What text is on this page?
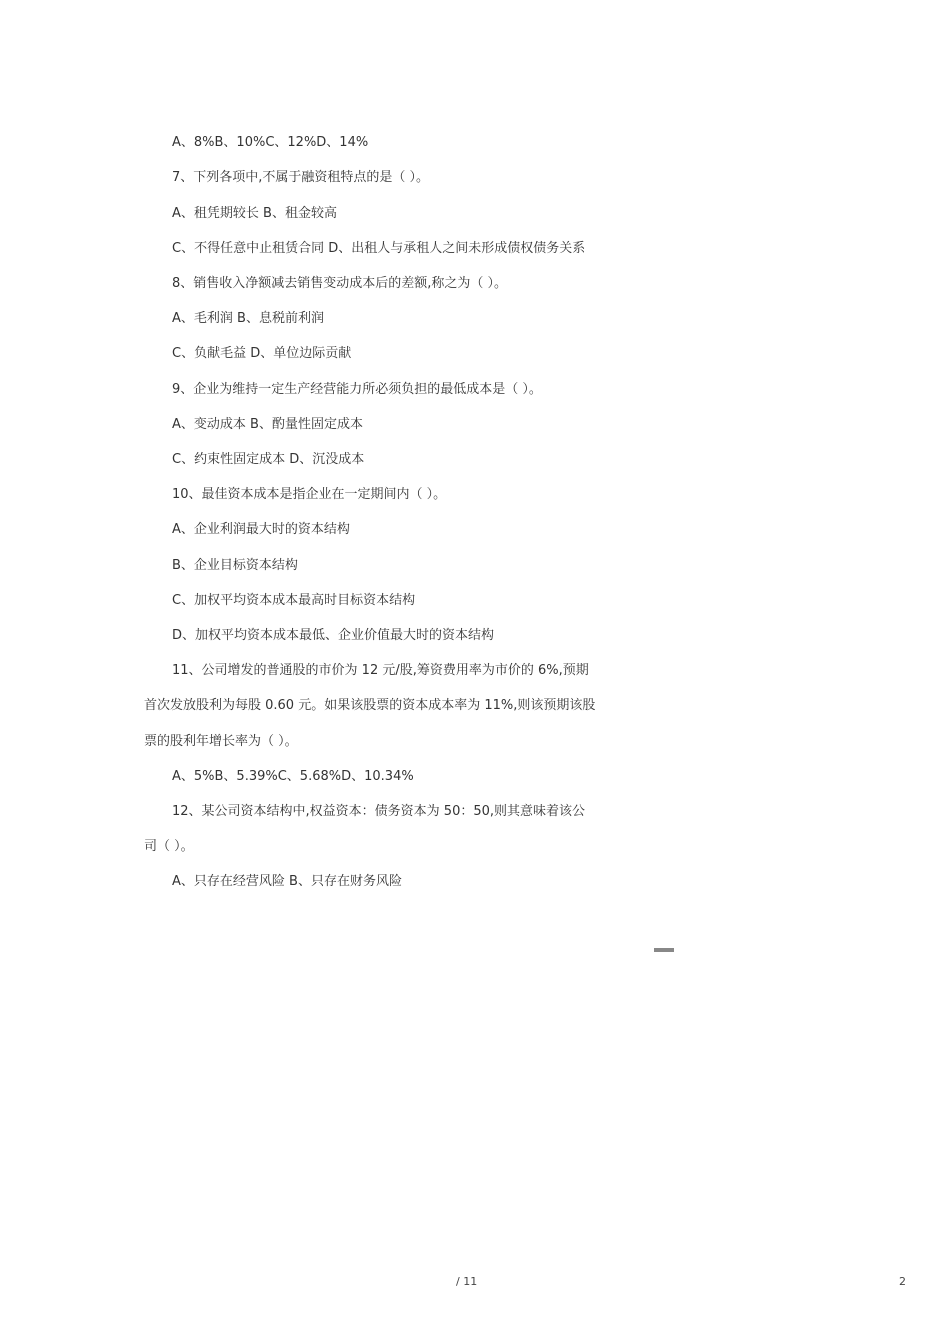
A、8%B、10%C、12%D、14%
7、下列各项中,不属于融资租特点的是（ ）。
A、租凭期较长 B、租金较高
C、不得任意中止租赁合同 D、出租人与承租人之间未形成债权债务关系
8、销售收入净额减去销售变动成本后的差额,称之为（ ）。
A、毛利润 B、息税前利润
C、负献毛益 D、单位边际贡献
9、企业为维持一定生产经营能力所必须负担的最低成本是（ ）。
A、变动成本 B、酌量性固定成本
C、约束性固定成本 D、沉没成本
10、最佳资本成本是指企业在一定期间内（ ）。
A、企业利润最大时的资本结构
B、企业目标资本结构
C、加权平均资本成本最高时目标资本结构
D、加权平均资本成本最低、企业价值最大时的资本结构
11、公司增发的普通股的市价为 12 元/股,筹资费用率为市价的 6%,预期
首次发放股利为每股 0.60 元。如果该股票的资本成本率为 11%,则该预期该股
票的股利年增长率为（ ）。
A、5%B、5.39%C、5.68%D、10.34%
12、某公司资本结构中,权益资本：债务资本为 50：50,则其意味着该公
司（ ）。
A、只存在经营风险 B、只存在财务风险
/ 11	2
